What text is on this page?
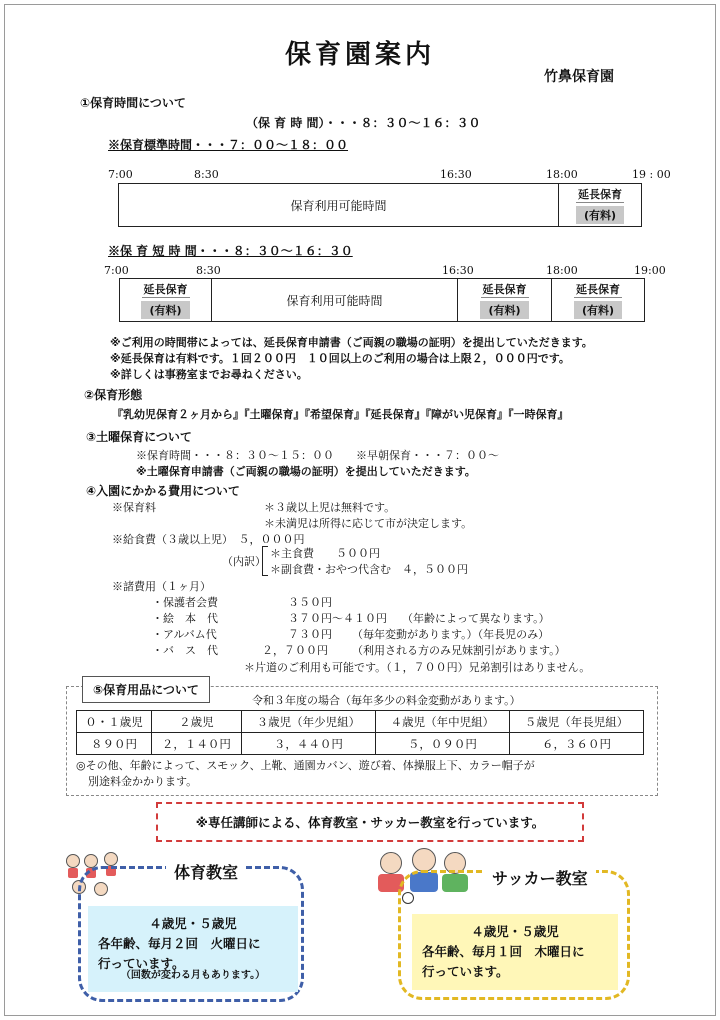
保育園案内
竹鼻保育園
①保育時間について
（保 育 時 間）・・・８：３０〜１６：３０
※保育標準時間・・・７：００〜１８：００
7:00	8:30	16:30	18:00	19 : 00
保育利用可能時間
延長保育
(有料)
※保 育 短 時 間・・・８：３０〜１６：３０
7:00	8:30	16:30	18:00	19:00
延長保育
(有料)
保育利用可能時間
延長保育
(有料)
延長保育
(有料)
※ご利用の時間帯によっては、延長保育申請書（ご両親の職場の証明）を提出していただきます。
※延長保育は有料です。１回２００円　１０回以上のご利用の場合は上限２，０００円です。
※詳しくは事務室までお尋ねください。
②保育形態
『乳幼児保育２ヶ月から』『土曜保育』『希望保育』『延長保育』『障がい児保育』『一時保育』
③土曜保育について
※保育時間・・・８：３０〜１５：００　　※早朝保育・・・７：００〜
※土曜保育申請書（ご両親の職場の証明）を提出していただきます。
④入園にかかる費用について
※保育料	＊３歳以上児は無料です。
＊未満児は所得に応じて市が決定します。
※給食費（３歳以上児）　５，０００円
（内訳）
＊主食費　　５００円
＊副食費・おやつ代含む　４，５００円
※諸費用（１ヶ月）
・保護者会費	３５０円
・絵　本　代	３７０円〜４１０円 （年齢によって異なります。）
・アルバム代	７３０円 （毎年変動があります。）（年長児のみ）
・バ　ス　代	２，７００円 （利用される方のみ兄妹割引があります。）
＊片道のご利用も可能です。（１，７００円）兄弟割引はありません。
⑤保育用品について
令和３年度の場合（毎年多少の料金変動があります。）
０・１歳児	２歳児	３歳児（年少児組）	４歳児（年中児組）	５歳児（年長児組）
８９０円	２，１４０円	３，４４０円	５，０９０円	６，３６０円
◎その他、年齢によって、スモック、上靴、通園カバン、遊び着、体操服上下、カラー帽子が
別途料金かかります。
※専任講師による、体育教室・サッカー教室を行っています。
体育教室
４歳児・５歳児
各年齢、毎月２回　火曜日に
行っています。
（回数が変わる月もあります。）
サッカー教室
４歳児・５歳児
各年齢、毎月１回　木曜日に
行っています。
